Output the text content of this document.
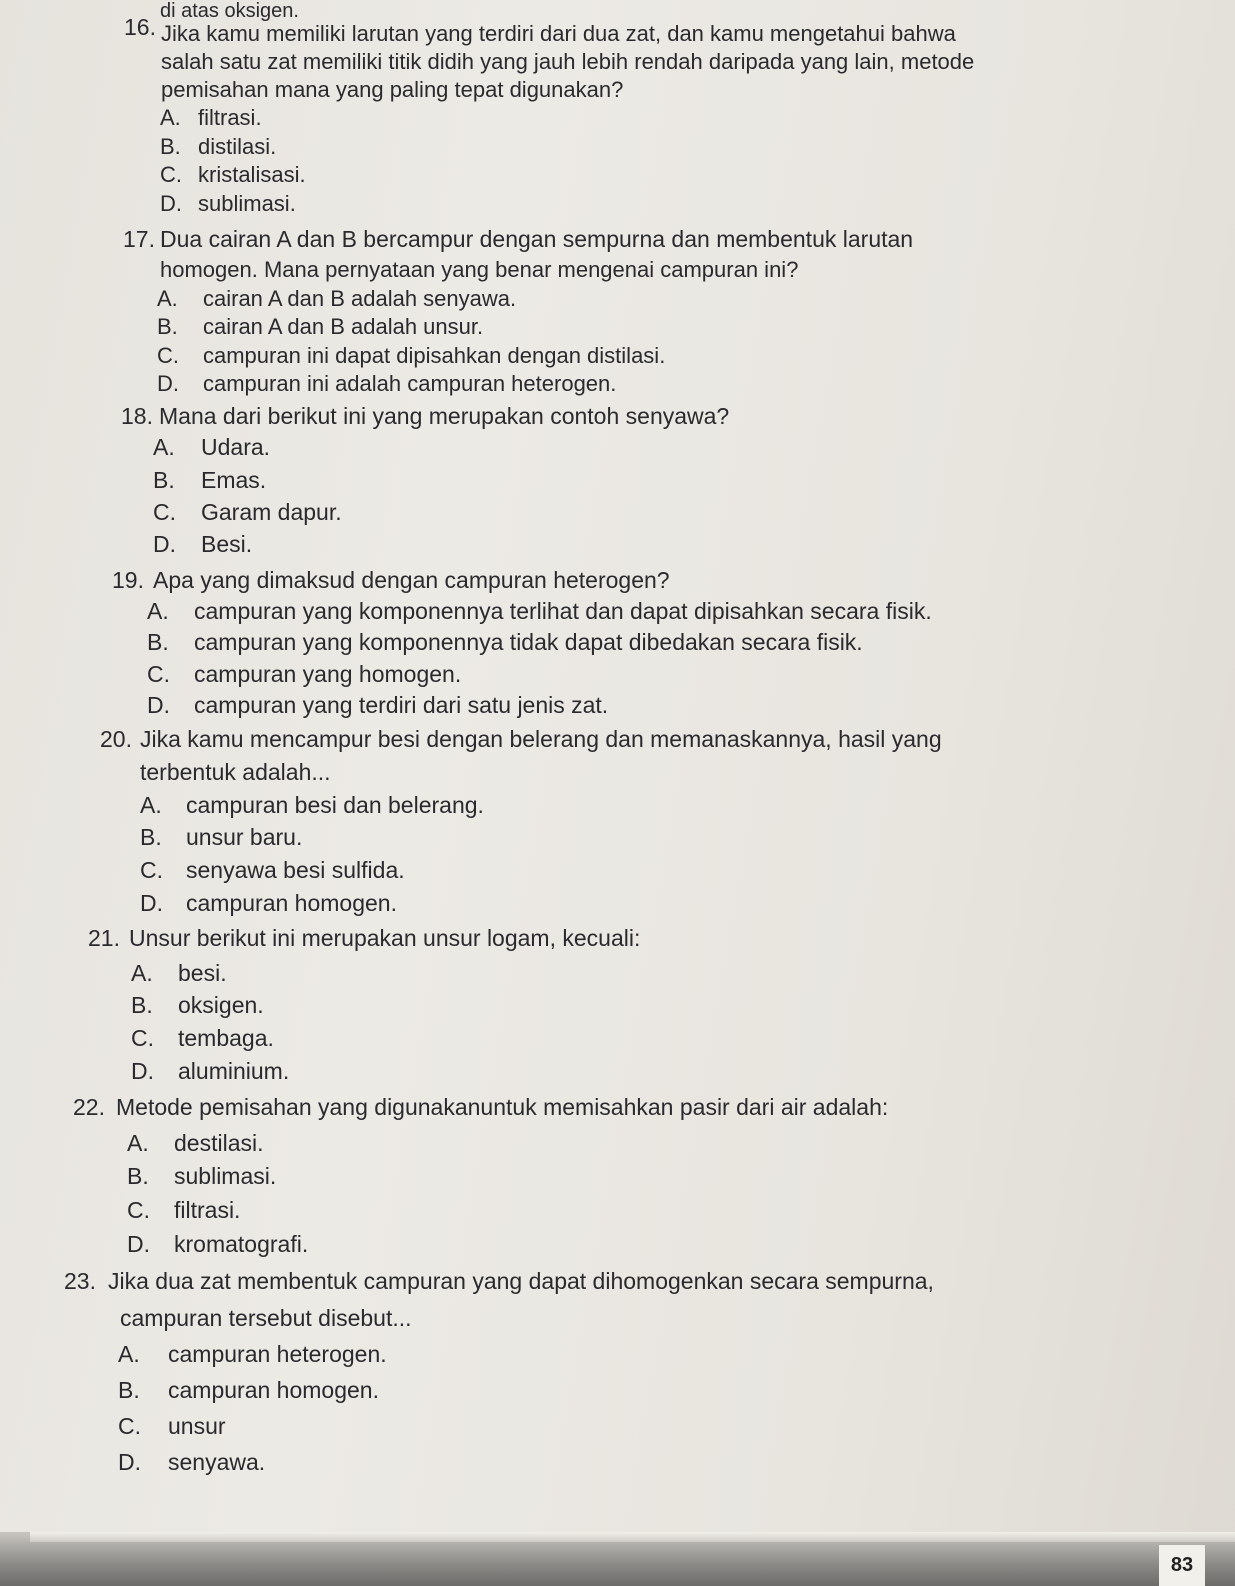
83
di atas oksigen.
16. Jika kamu memiliki larutan yang terdiri dari dua zat, dan kamu mengetahui bahwa
salah satu zat memiliki titik didih yang jauh lebih rendah daripada yang lain, metode
pemisahan mana yang paling tepat digunakan?
A. filtrasi.
B. distilasi.
C. kristalisasi.
D. sublimasi.
17. Dua cairan A dan B bercampur dengan sempurna dan membentuk larutan
homogen. Mana pernyataan yang benar mengenai campuran ini?
A. cairan A dan B adalah senyawa.
B. cairan A dan B adalah unsur.
C. campuran ini dapat dipisahkan dengan distilasi.
D. campuran ini adalah campuran heterogen.
18. Mana dari berikut ini yang merupakan contoh senyawa?
A. Udara.
B. Emas.
C. Garam dapur.
D. Besi.
19. Apa yang dimaksud dengan campuran heterogen?
A. campuran yang komponennya terlihat dan dapat dipisahkan secara fisik.
B. campuran yang komponennya tidak dapat dibedakan secara fisik.
C. campuran yang homogen.
D. campuran yang terdiri dari satu jenis zat.
20. Jika kamu mencampur besi dengan belerang dan memanaskannya, hasil yang
terbentuk adalah...
A. campuran besi dan belerang.
B. unsur baru.
C. senyawa besi sulfida.
D. campuran homogen.
21. Unsur berikut ini merupakan unsur logam, kecuali:
A. besi.
B. oksigen.
C. tembaga.
D. aluminium.
22. Metode pemisahan yang digunakanuntuk memisahkan pasir dari air adalah:
A. destilasi.
B. sublimasi.
C. filtrasi.
D. kromatografi.
23. Jika dua zat membentuk campuran yang dapat dihomogenkan secara sempurna,
campuran tersebut disebut...
A. campuran heterogen.
B. campuran homogen.
C. unsur
D. senyawa.
